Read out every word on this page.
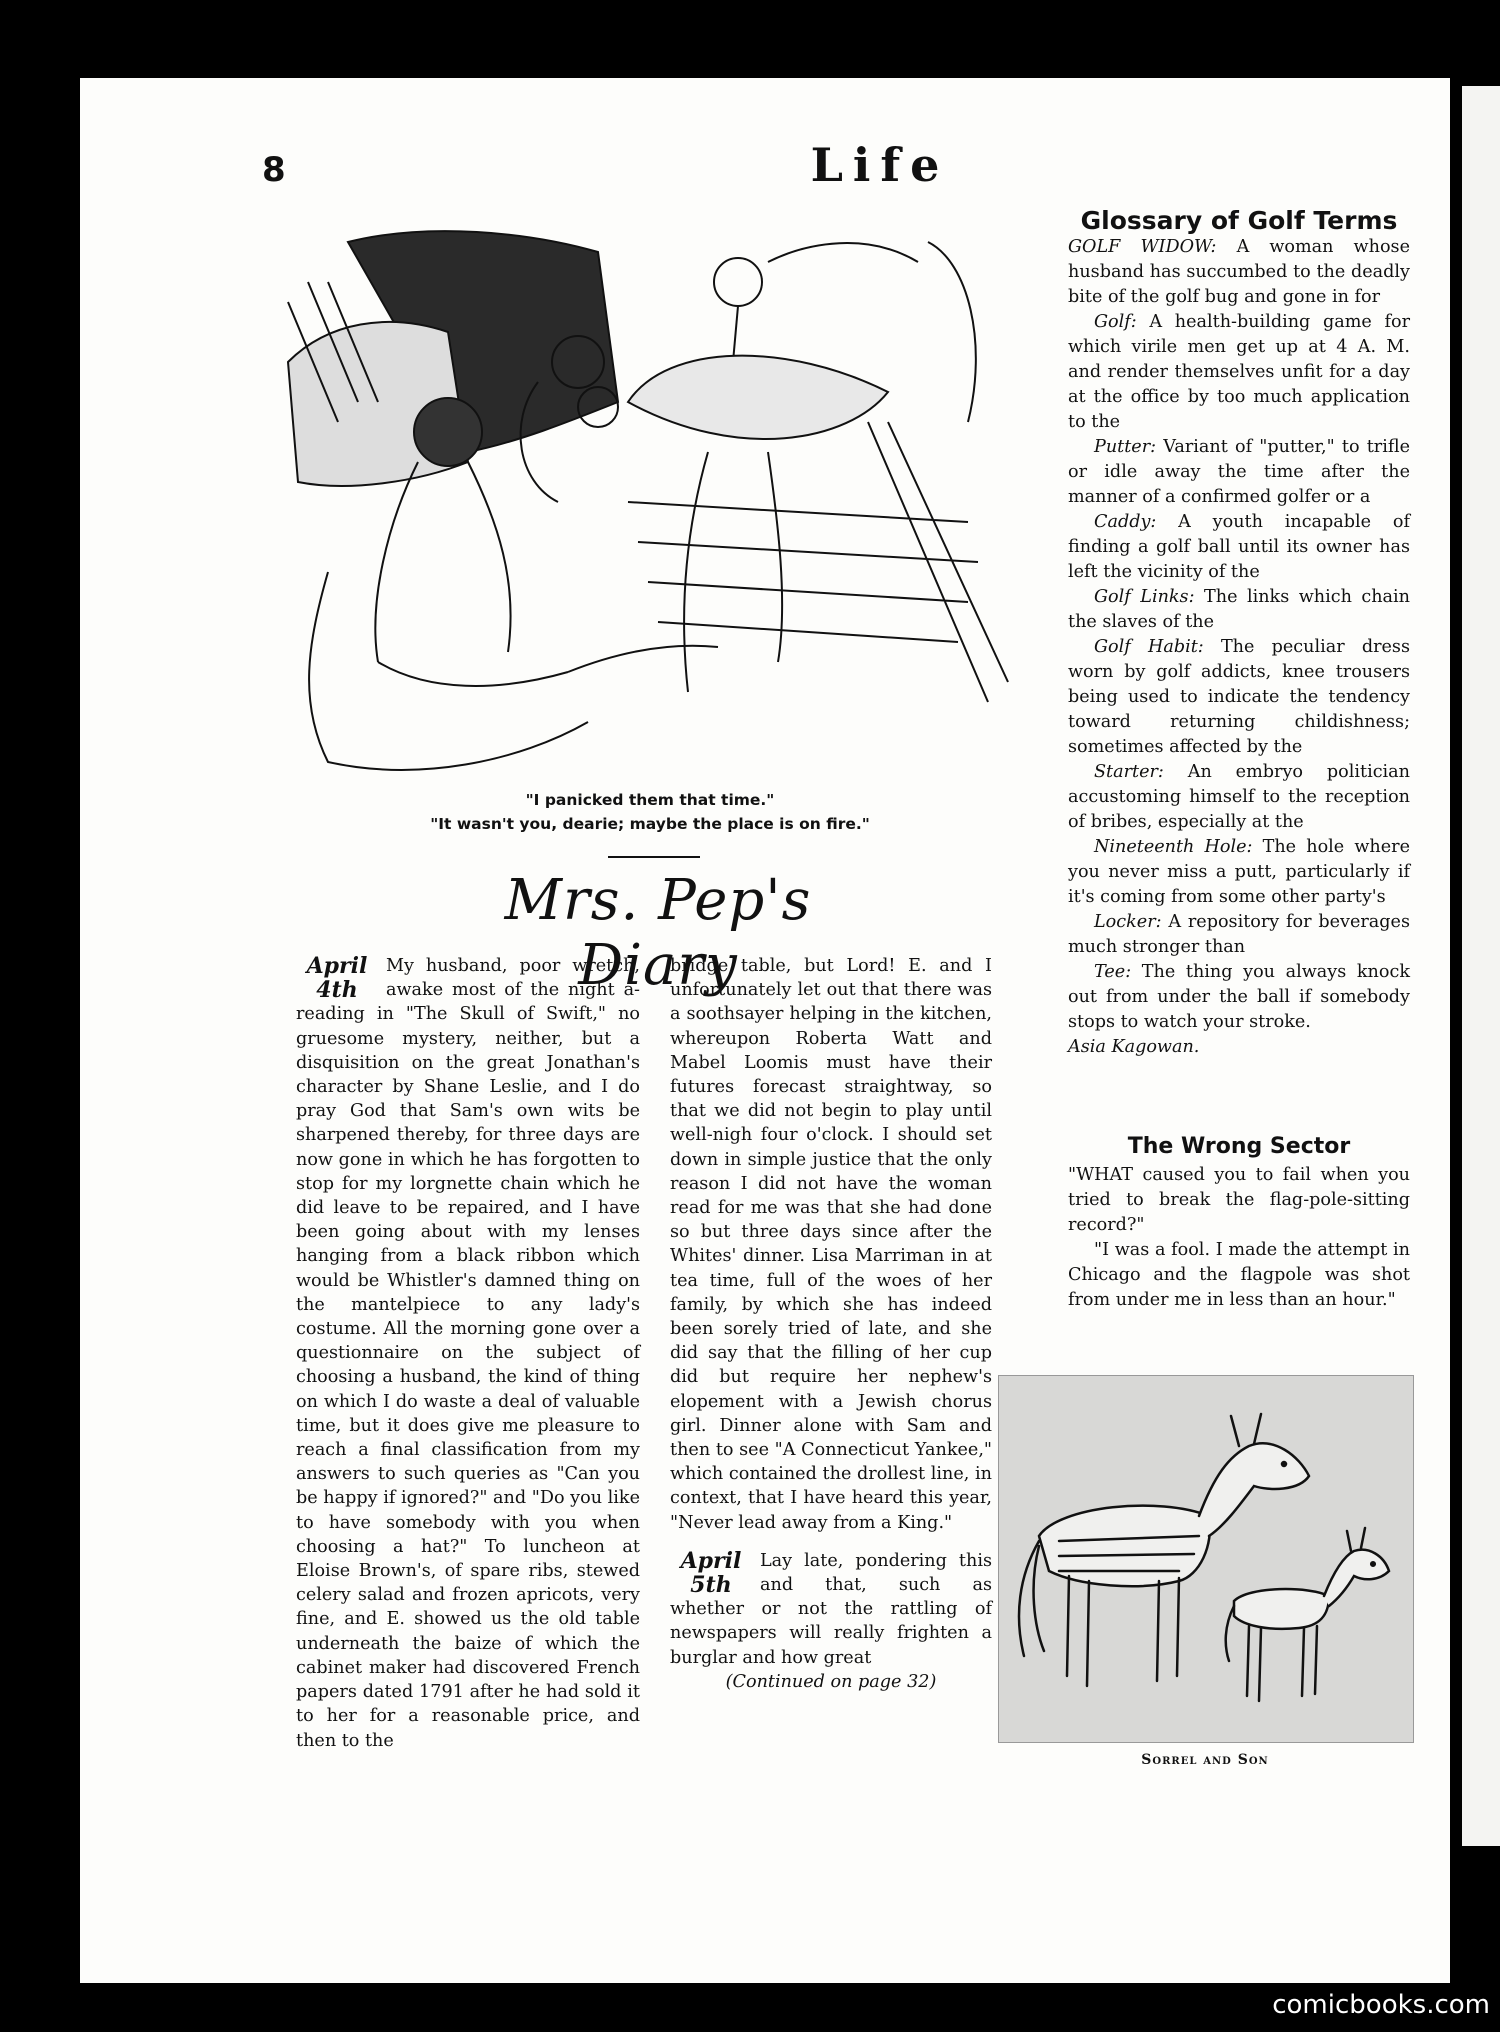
8	Life
"I panicked them that time."
"It wasn't you, dearie; maybe the place is on fire."
Mrs. Pep's Diary
April
4th

My husband, poor wretch, awake most of the night a-reading in "The Skull of Swift," no gruesome mystery, neither, but a disquisition on the great Jonathan's character by Shane Leslie, and I do pray God that Sam's own wits be sharpened thereby, for three days are now gone in which he has forgotten to stop for my lorgnette chain which he did leave to be repaired, and I have been going about with my lenses hanging from a black ribbon which would be Whistler's damned thing on the mantelpiece to any lady's costume. All the morning gone over a questionnaire on the subject of choosing a husband, the kind of thing on which I do waste a deal of valuable time, but it does give me pleasure to reach a final classification from my answers to such queries as "Can you be happy if ignored?" and "Do you like to have somebody with you when choosing a hat?" To luncheon at Eloise Brown's, of spare ribs, stewed celery salad and frozen apricots, very fine, and E. showed us the old table underneath the baize of which the cabinet maker had discovered French papers dated 1791 after he had sold it to her for a reasonable price, and then to the

bridge table, but Lord! E. and I unfortunately let out that there was a soothsayer helping in the kitchen, whereupon Roberta Watt and Mabel Loomis must have their futures forecast straightway, so that we did not begin to play until well-nigh four o'clock. I should set down in simple justice that the only reason I did not have the woman read for me was that she had done so but three days since after the Whites' dinner. Lisa Marriman in at tea time, full of the woes of her family, by which she has indeed been sorely tried of late, and she did say that the filling of her cup did but require her nephew's elopement with a Jewish chorus girl. Dinner alone with Sam and then to see "A Connecticut Yankee," which contained the drollest line, in context, that I have heard this year, "Never lead away from a King."

April
5th

Lay late, pondering this and that, such as whether or not the rattling of newspapers will really frighten a burglar and how great

(Continued on page 32)

Glossary of Golf Terms

GOLF WIDOW: A woman whose husband has succumbed to the deadly bite of the golf bug and gone in for

Golf: A health-building game for which virile men get up at 4 A. M. and render themselves unfit for a day at the office by too much application to the

Putter: Variant of "putter," to trifle or idle away the time after the manner of a confirmed golfer or a

Caddy: A youth incapable of finding a golf ball until its owner has left the vicinity of the

Golf Links: The links which chain the slaves of the

Golf Habit: The peculiar dress worn by golf addicts, knee trousers being used to indicate the tendency toward returning childishness; sometimes affected by the

Starter: An embryo politician accustoming himself to the reception of bribes, especially at the

Nineteenth Hole: The hole where you never miss a putt, particularly if it's coming from some other party's

Locker: A repository for beverages much stronger than

Tee: The thing you always knock out from under the ball if somebody stops to watch your stroke.

Asia Kagowan.

The Wrong Sector

"WHAT caused you to fail when you tried to break the flag-pole-sitting record?"

"I was a fool. I made the attempt in Chicago and the flagpole was shot from under me in less than an hour."

Sorrel and Son
comicbooks.com
